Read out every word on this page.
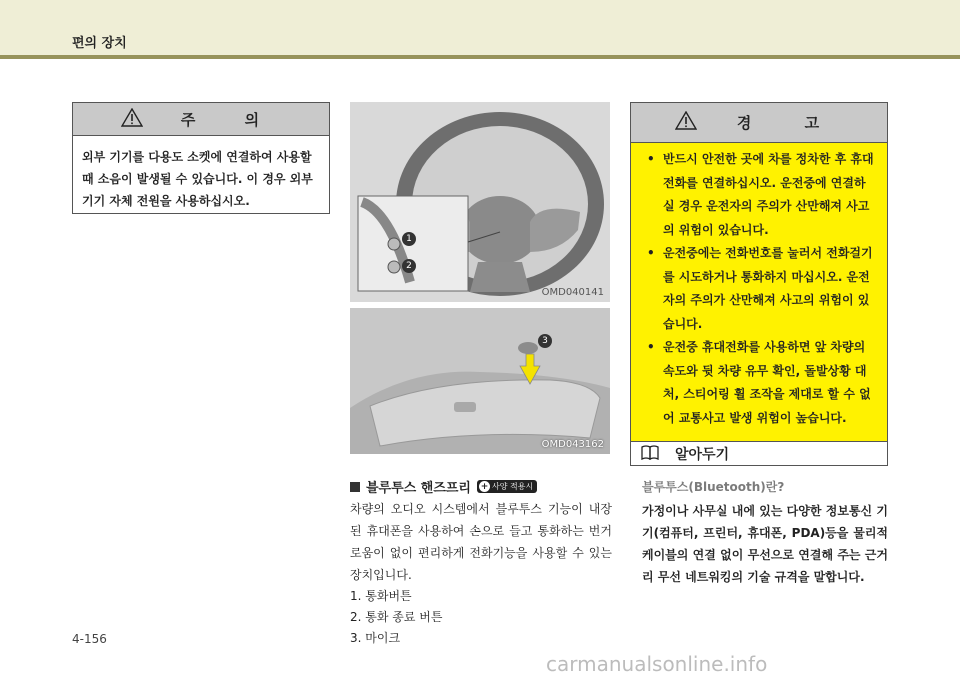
편의 장치
주 의
외부 기기를 다용도 소켓에 연결하여 사용할
때 소음이 발생될 수 있습니다. 이 경우 외부
기기 자체 전원을 사용하십시오.
1
2
OMD040141
3
OMD043162
블루투스 핸즈프리 + 사양 적용시
차량의 오디오 시스템에서 블루투스 기능이 내장된 휴대폰을 사용하여 손으로 들고 통화하는 번거로움이 없이 편리하게 전화기능을 사용할 수 있는 장치입니다.
1. 통화버튼
2. 통화 종료 버튼
3. 마이크
경 고
• 반드시 안전한 곳에 차를 정차한 후 휴대전화를 연결하십시오. 운전중에 연결하실 경우 운전자의 주의가 산만해져 사고의 위험이 있습니다.
• 운전중에는 전화번호를 눌러서 전화걸기를 시도하거나 통화하지 마십시오. 운전자의 주의가 산만해져 사고의 위험이 있습니다.
• 운전중 휴대전화를 사용하면 앞 차량의 속도와 뒷 차량 유무 확인, 돌발상황 대처, 스티어링 휠 조작을 제대로 할 수 없어 교통사고 발생 위험이 높습니다.
알아두기
블루투스(Bluetooth)란?
가정이나 사무실 내에 있는 다양한 정보통신 기기(컴퓨터, 프린터, 휴대폰, PDA)등을 물리적 케이블의 연결 없이 무선으로 연결해 주는 근거리 무선 네트워킹의 기술 규격을 말합니다.
4-156
carmanualsonline.info
